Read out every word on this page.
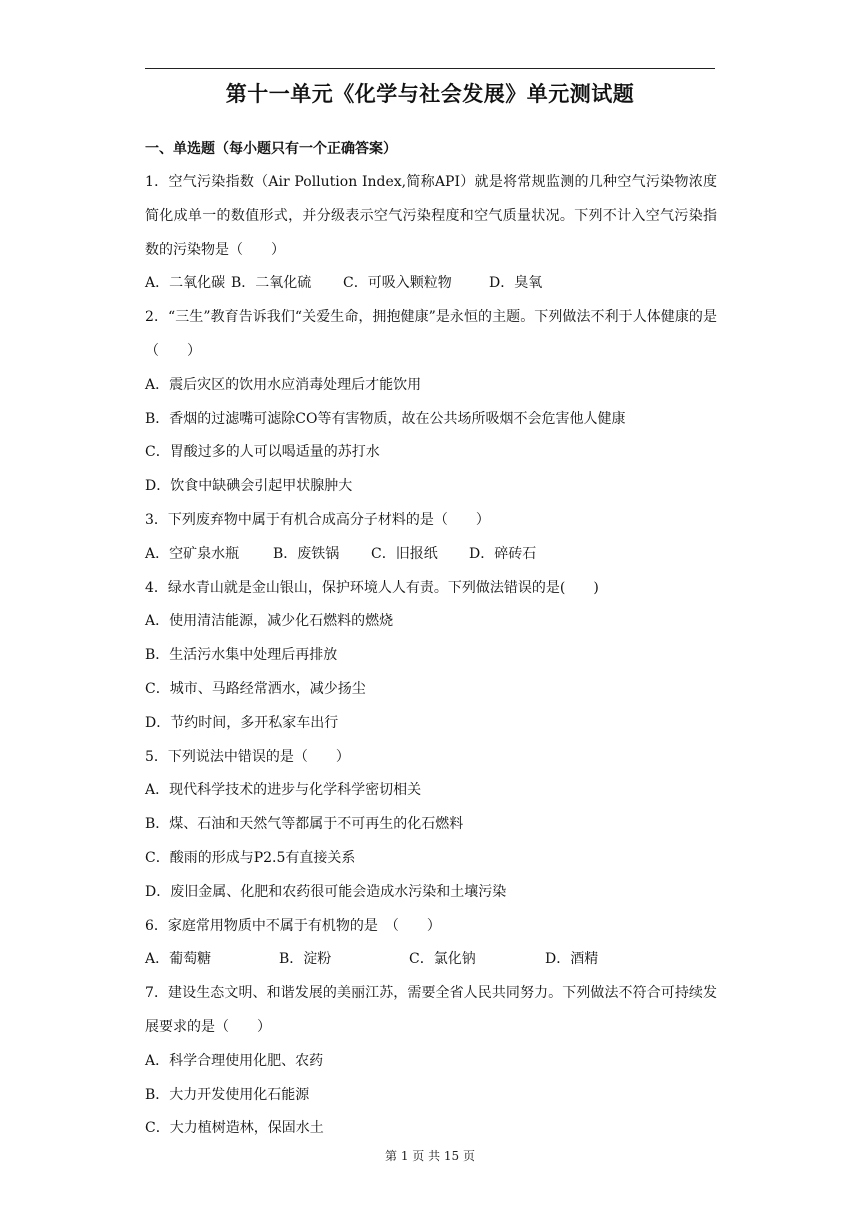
第十一单元《化学与社会发展》单元测试题
一、单选题（每小题只有一个正确答案）
1．空气污染指数（Air Pollution Index,简称API）就是将常规监测的几种空气污染物浓度简化成单一的数值形式，并分级表示空气污染程度和空气质量状况。下列不计入空气污染指数的污染物是（　　）
A．二氧化碳 B．二氧化硫	C．可吸入颗粒物	D．臭氧
2．“三生”教育告诉我们“关爱生命，拥抱健康”是永恒的主题。下列做法不利于人体健康的是（　　）
A．震后灾区的饮用水应消毒处理后才能饮用
B．香烟的过滤嘴可滤除CO等有害物质，故在公共场所吸烟不会危害他人健康
C．胃酸过多的人可以喝适量的苏打水
D．饮食中缺碘会引起甲状腺肿大
3．下列废弃物中属于有机合成高分子材料的是（　　）
A．空矿泉水瓶	B．废铁锅	C．旧报纸	D．碎砖石
4．绿水青山就是金山银山，保护环境人人有责。下列做法错误的是(　　)
A．使用清洁能源，减少化石燃料的燃烧
B．生活污水集中处理后再排放
C．城市、马路经常洒水，减少扬尘
D．节约时间，多开私家车出行
5．下列说法中错误的是（　　）
A．现代科学技术的进步与化学科学密切相关
B．煤、石油和天然气等都属于不可再生的化石燃料
C．酸雨的形成与P2.5有直接关系
D．废旧金属、化肥和农药很可能会造成水污染和土壤污染
6．家庭常用物质中不属于有机物的是　（　　）
A．葡萄糖	B．淀粉	C．氯化钠	D．酒精
7．建设生态文明、和谐发展的美丽江苏，需要全省人民共同努力。下列做法不符合可持续发展要求的是（　　）
A．科学合理使用化肥、农药
B．大力开发使用化石能源
C．大力植树造林，保固水土
第 1 页 共 15 页
